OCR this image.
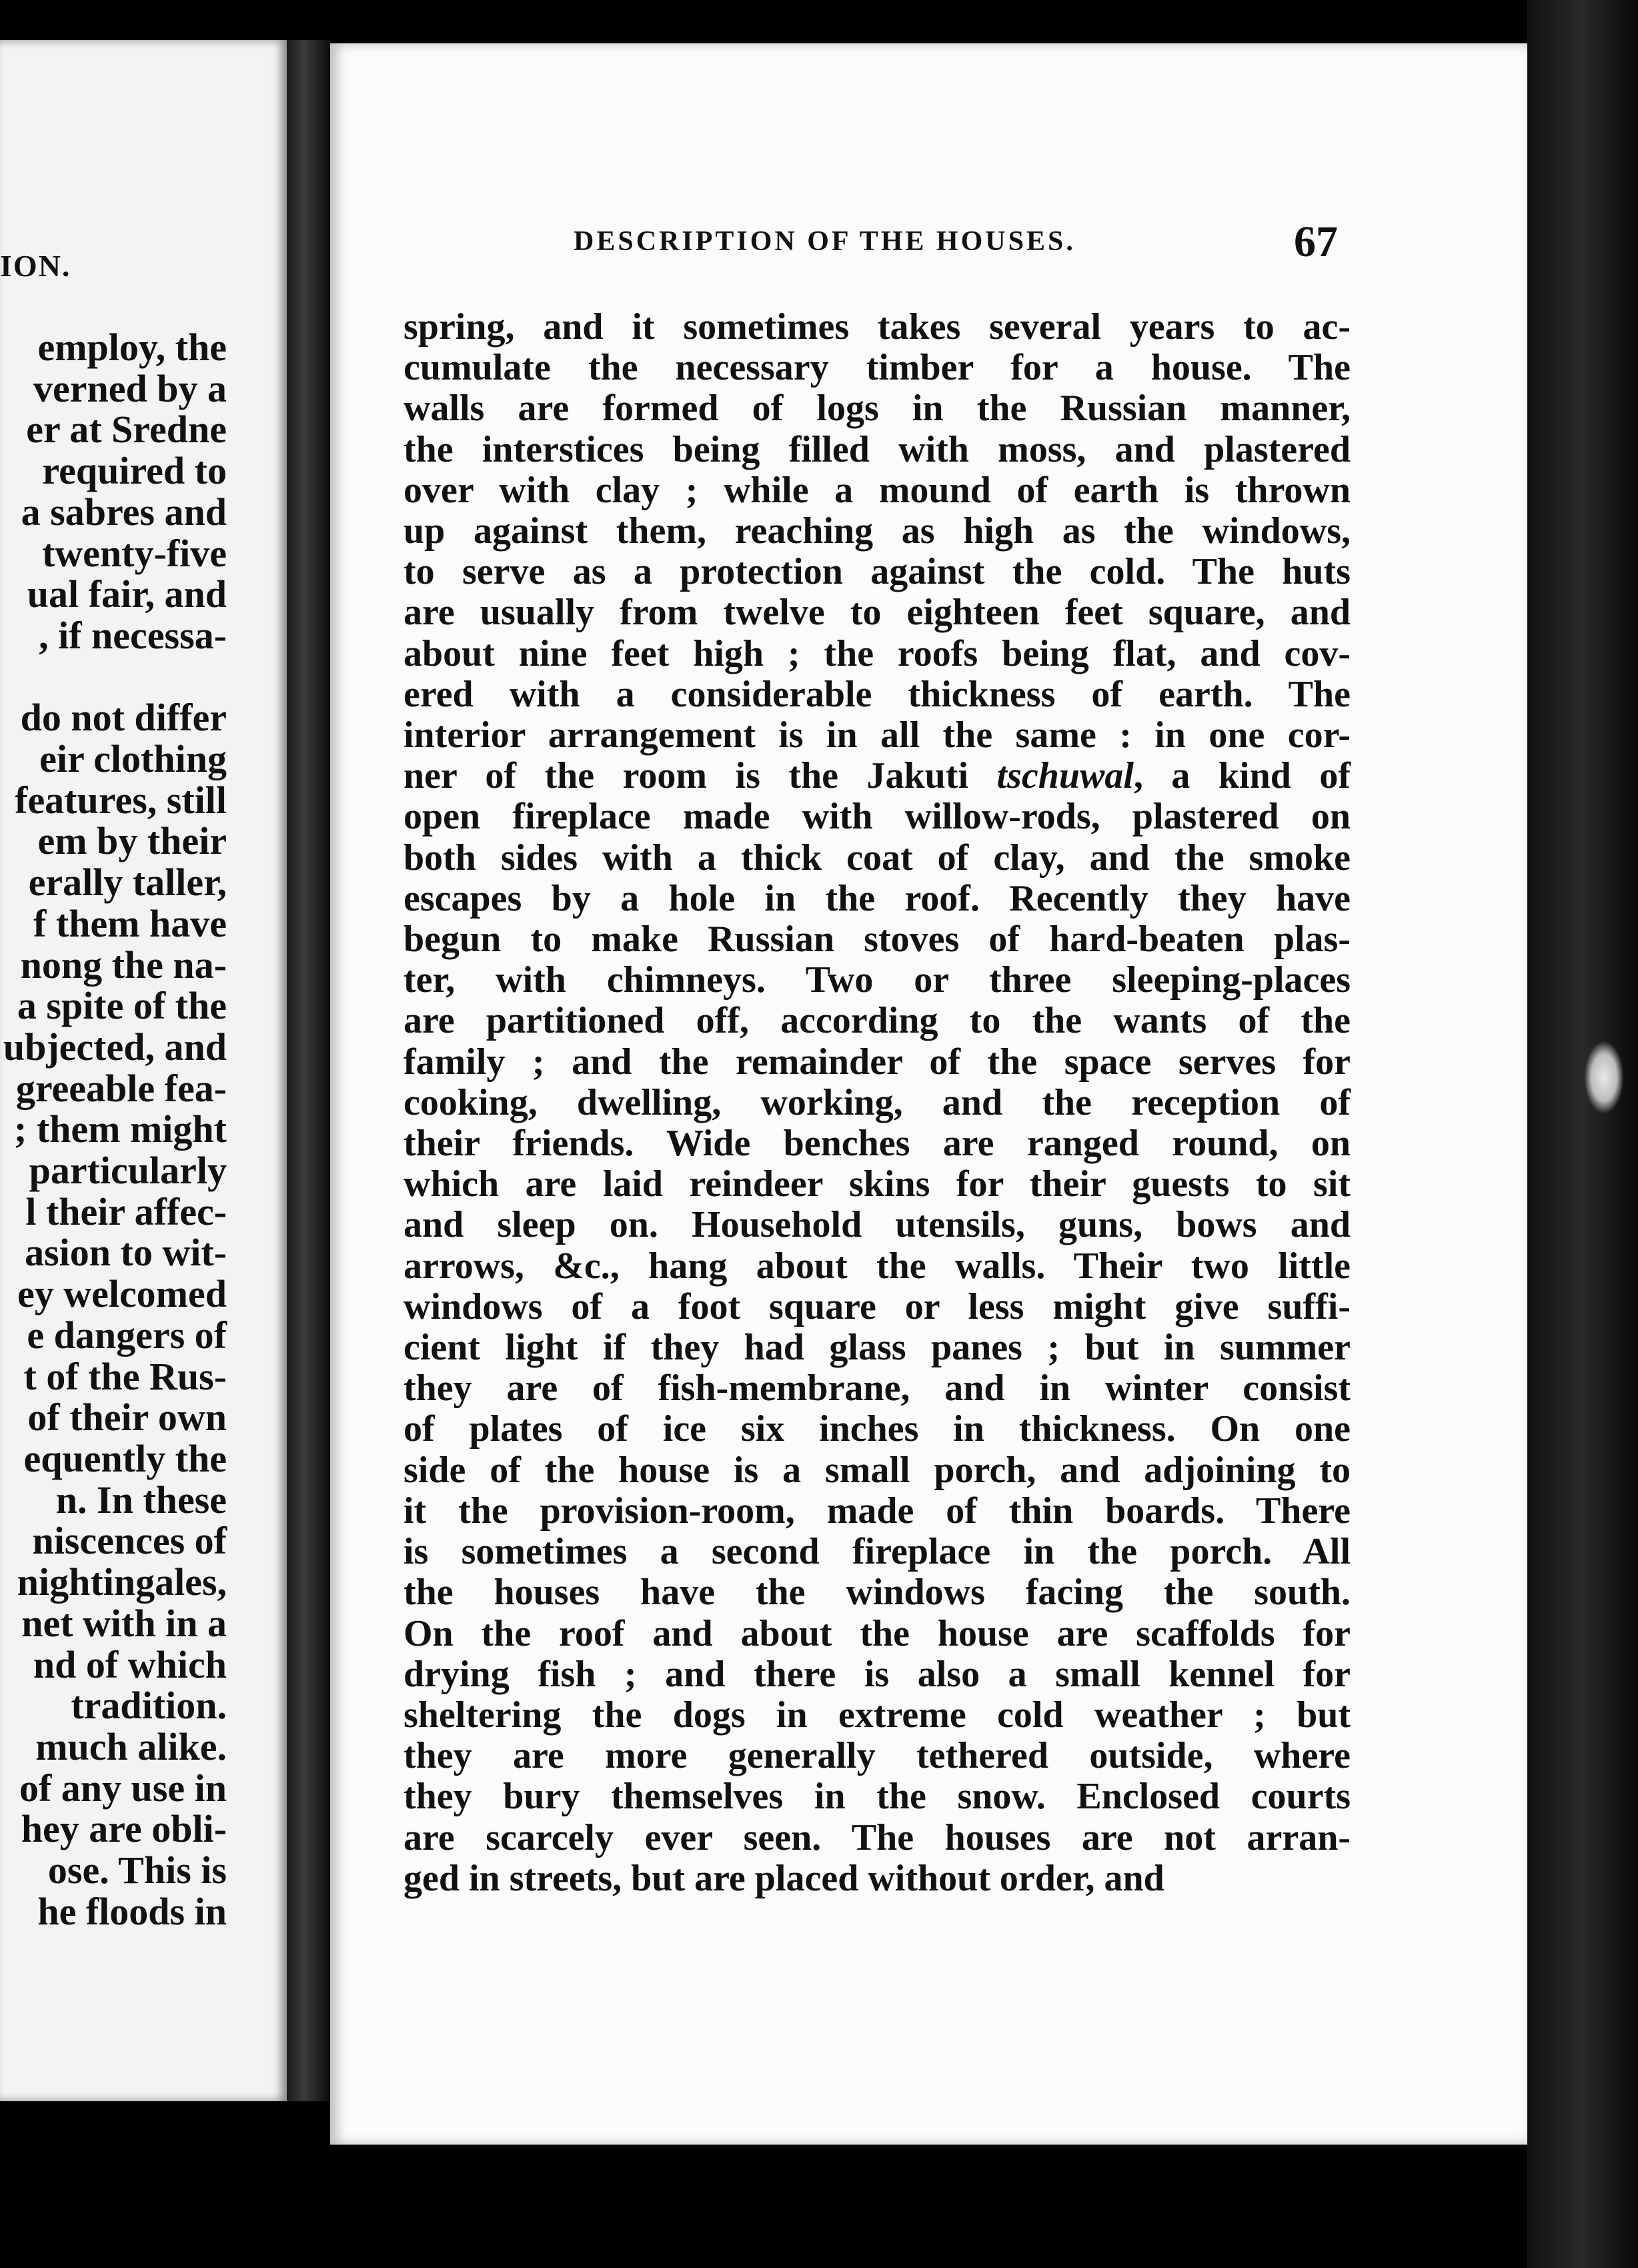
ION.
employ, the
verned by a
er at Sredne
required to
a sabres and
twenty-five
ual fair, and
, if necessa-

do not differ
eir clothing
features, still
em by their
erally taller,
f them have
nong the na-
a spite of the
ubjected, and
greeable fea-
; them might
particularly
l their affec-
asion to wit-
ey welcomed
e dangers of
t of the Rus-
of their own
equently the
n. In these
niscences of
nightingales,
net with in a
nd of which
tradition.
much alike.
of any use in
hey are obli-
ose. This is
he floods in
DESCRIPTION OF THE HOUSES.	67
spring, and it sometimes takes several years to ac-
cumulate the necessary timber for a house. The
walls are formed of logs in the Russian manner,
the interstices being filled with moss, and plastered
over with clay ; while a mound of earth is thrown
up against them, reaching as high as the windows,
to serve as a protection against the cold. The huts
are usually from twelve to eighteen feet square, and
about nine feet high ; the roofs being flat, and cov-
ered with a considerable thickness of earth. The
interior arrangement is in all the same : in one cor-
ner of the room is the Jakuti tschuwal, a kind of
open fireplace made with willow-rods, plastered on
both sides with a thick coat of clay, and the smoke
escapes by a hole in the roof. Recently they have
begun to make Russian stoves of hard-beaten plas-
ter, with chimneys. Two or three sleeping-places
are partitioned off, according to the wants of the
family ; and the remainder of the space serves for
cooking, dwelling, working, and the reception of
their friends. Wide benches are ranged round, on
which are laid reindeer skins for their guests to sit
and sleep on. Household utensils, guns, bows and
arrows, &c., hang about the walls. Their two little
windows of a foot square or less might give suffi-
cient light if they had glass panes ; but in summer
they are of fish-membrane, and in winter consist
of plates of ice six inches in thickness. On one
side of the house is a small porch, and adjoining to
it the provision-room, made of thin boards. There
is sometimes a second fireplace in the porch. All
the houses have the windows facing the south.
On the roof and about the house are scaffolds for
drying fish ; and there is also a small kennel for
sheltering the dogs in extreme cold weather ; but
they are more generally tethered outside, where
they bury themselves in the snow. Enclosed courts
are scarcely ever seen. The houses are not arran-
ged in streets, but are placed without order, and
